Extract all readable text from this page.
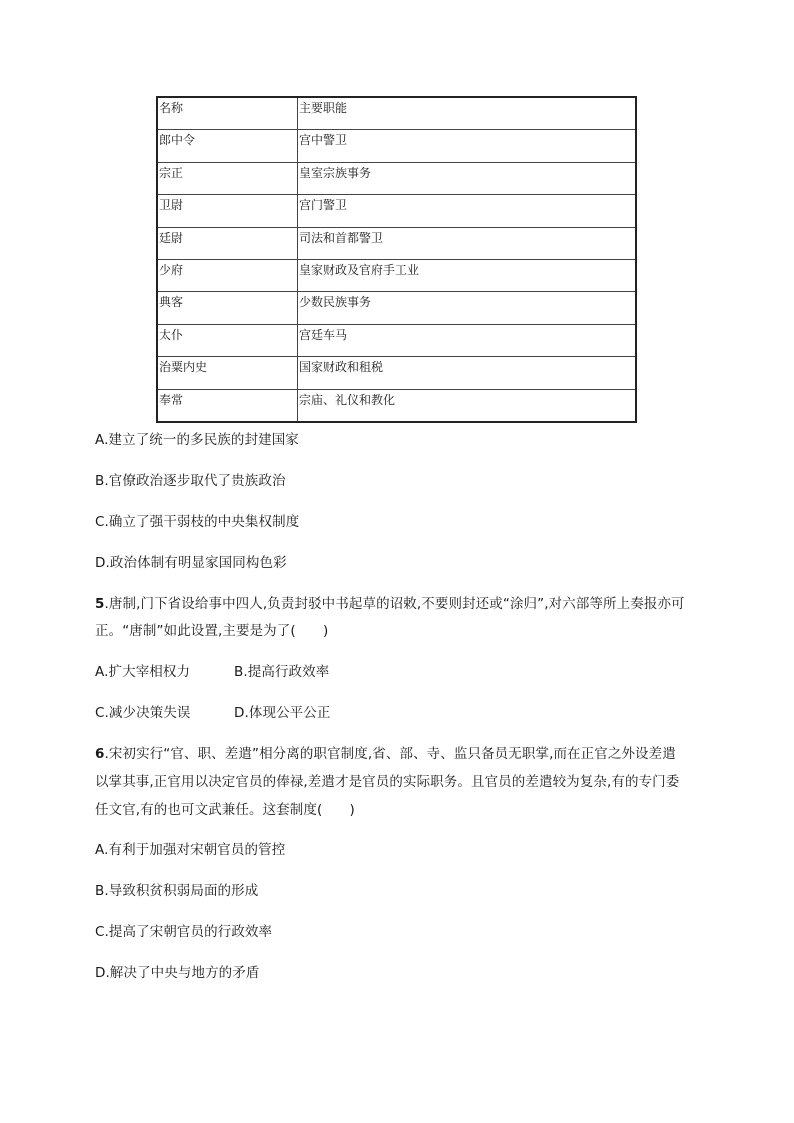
名称	主要职能

郎中令	宫中警卫

宗正	皇室宗族事务

卫尉	宫门警卫

廷尉	司法和首都警卫

少府	皇家财政及官府手工业

典客	少数民族事务

太仆	宫廷车马

治粟内史	国家财政和租税

奉常	宗庙、礼仪和教化
A.建立了统一的多民族的封建国家
B.官僚政治逐步取代了贵族政治
C.确立了强干弱枝的中央集权制度
D.政治体制有明显家国同构色彩
5.唐制,门下省设给事中四人,负责封驳中书起草的诏敕,不要则封还或“涂归”,对六部等所上奏报亦可
正。“唐制”如此设置,主要是为了(　　)
A.扩大宰相权力	B.提高行政效率
C.减少决策失误	D.体现公平公正
6.宋初实行“官、职、差遣”相分离的职官制度,省、部、寺、监只备员无职掌,而在正官之外设差遣
以掌其事,正官用以决定官员的俸禄,差遣才是官员的实际职务。且官员的差遣较为复杂,有的专门委
任文官,有的也可文武兼任。这套制度(　　)
A.有利于加强对宋朝官员的管控
B.导致积贫积弱局面的形成
C.提高了宋朝官员的行政效率
D.解决了中央与地方的矛盾
